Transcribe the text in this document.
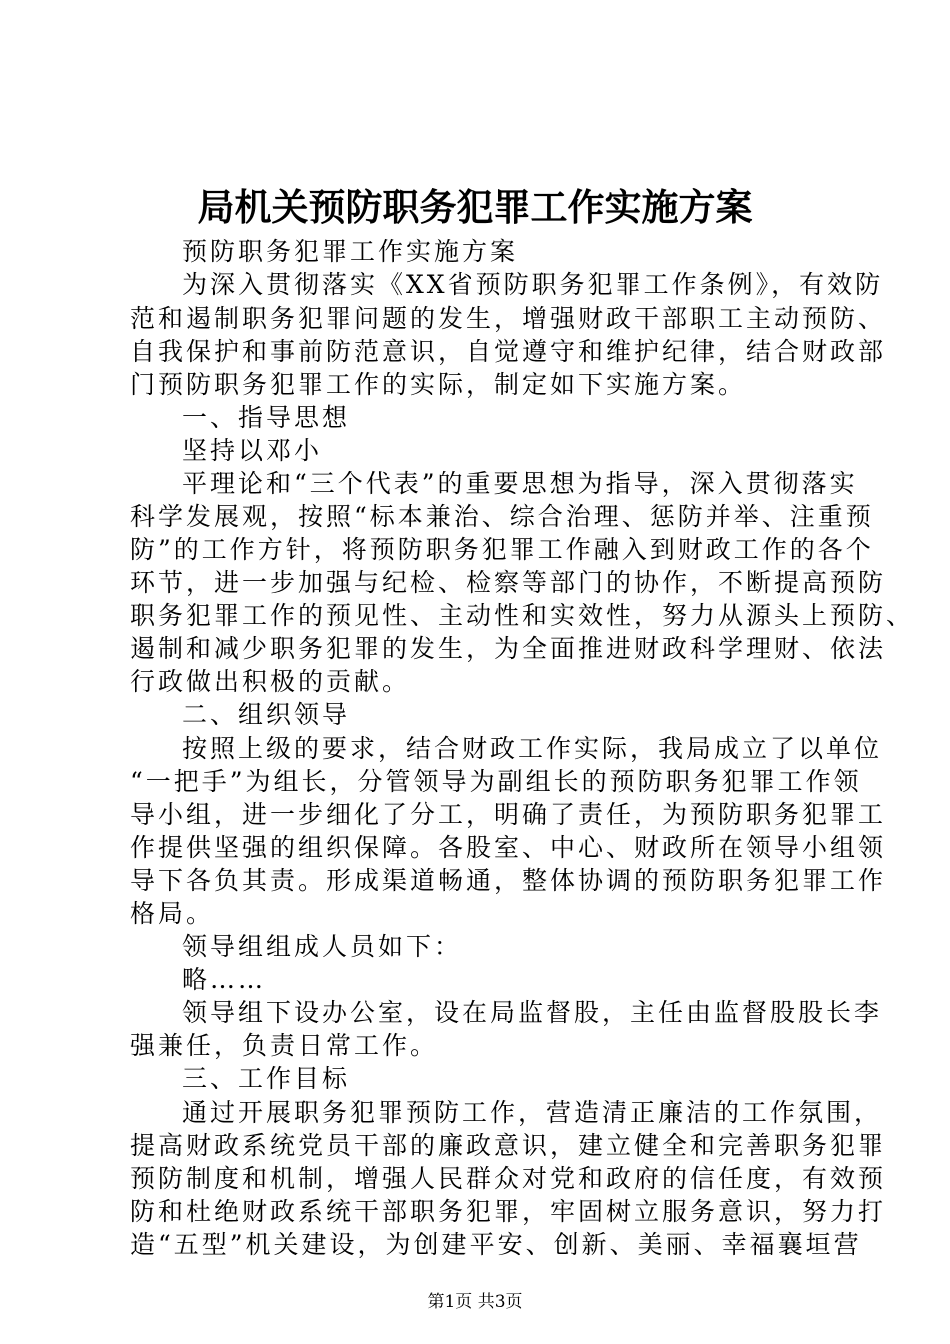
局机关预防职务犯罪工作实施方案

预防职务犯罪工作实施方案

为深入贯彻落实《XX省预防职务犯罪工作条例》，有效防

范和遏制职务犯罪问题的发生，增强财政干部职工主动预防、

自我保护和事前防范意识，自觉遵守和维护纪律，结合财政部

门预防职务犯罪工作的实际，制定如下实施方案。

一、指导思想

坚持以邓小

平理论和“三个代表”的重要思想为指导，深入贯彻落实

科学发展观，按照“标本兼治、综合治理、惩防并举、注重预

防”的工作方针，将预防职务犯罪工作融入到财政工作的各个

环节，进一步加强与纪检、检察等部门的协作，不断提高预防

职务犯罪工作的预见性、主动性和实效性，努力从源头上预防、

遏制和减少职务犯罪的发生，为全面推进财政科学理财、依法

行政做出积极的贡献。

二、组织领导

按照上级的要求，结合财政工作实际，我局成立了以单位

“一把手”为组长，分管领导为副组长的预防职务犯罪工作领

导小组，进一步细化了分工，明确了责任，为预防职务犯罪工

作提供坚强的组织保障。各股室、中心、财政所在领导小组领

导下各负其责。形成渠道畅通，整体协调的预防职务犯罪工作

格局。

领导组组成人员如下：

略……

领导组下设办公室，设在局监督股，主任由监督股股长李

强兼任，负责日常工作。

三、工作目标

通过开展职务犯罪预防工作，营造清正廉洁的工作氛围，

提高财政系统党员干部的廉政意识，建立健全和完善职务犯罪

预防制度和机制，增强人民群众对党和政府的信任度，有效预

防和杜绝财政系统干部职务犯罪，牢固树立服务意识，努力打

造“五型”机关建设，为创建平安、创新、美丽、幸福襄垣营

第1页 共3页
